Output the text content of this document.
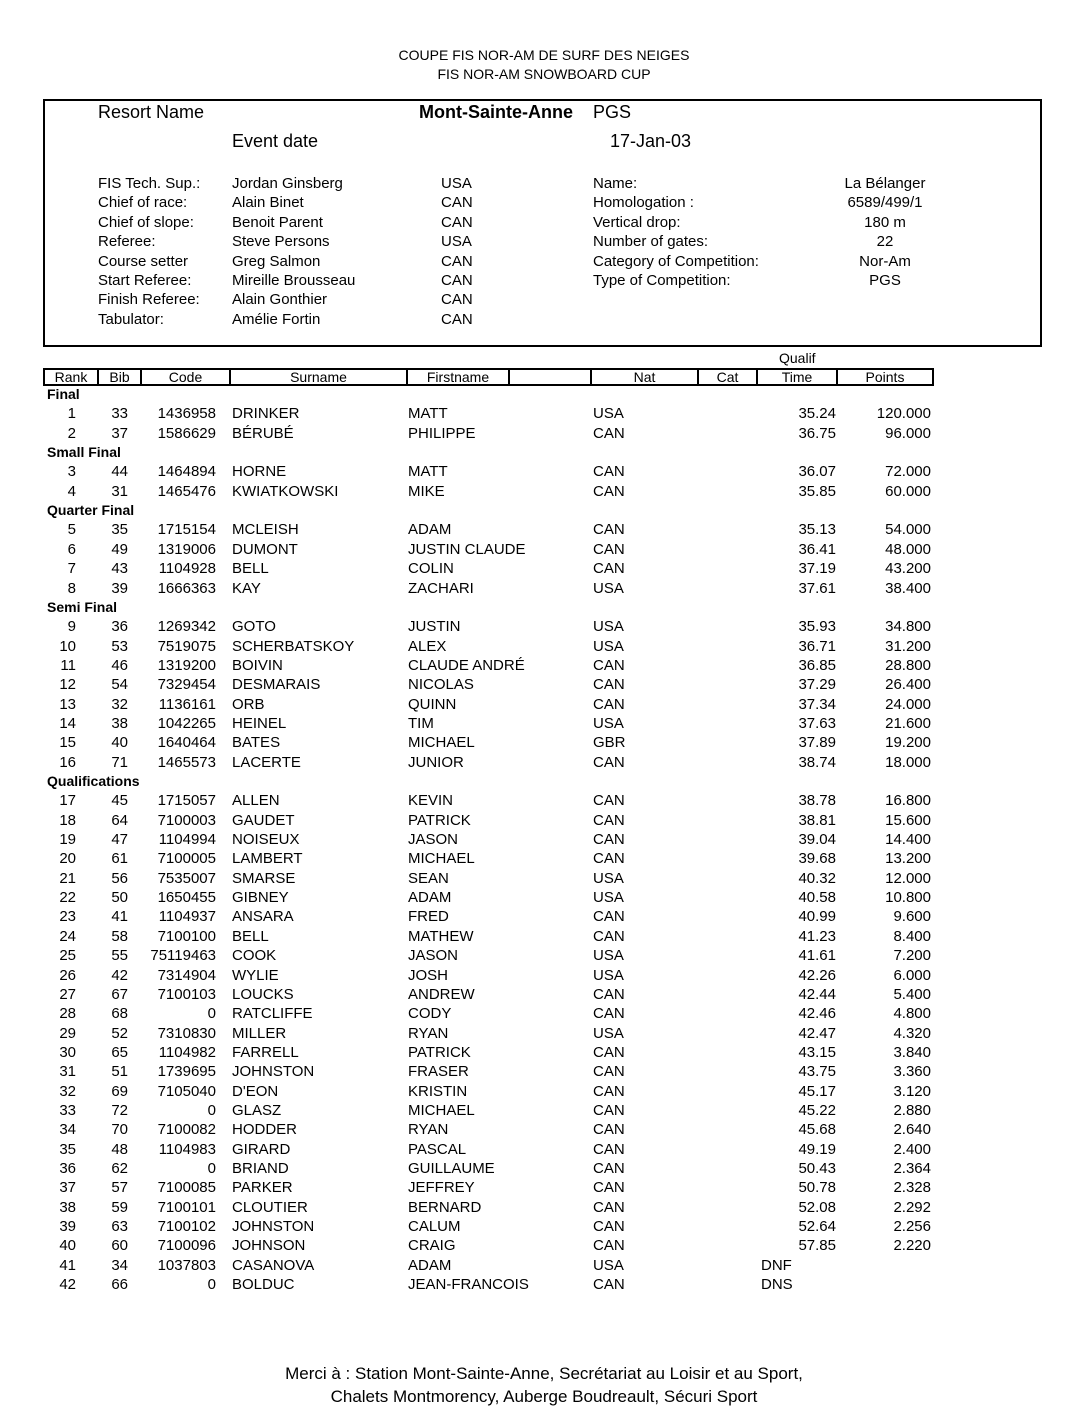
COUPE FIS NOR-AM DE SURF DES NEIGES
FIS NOR-AM SNOWBOARD CUP
Resort Name	Mont-Sainte-Anne PGS
Event date	17-Jan-03
FIS Tech. Sup.: Jordan Ginsberg	USA
Chief of race:	Alain Binet	CAN
Chief of slope:	Benoit Parent	CAN
Referee:	Steve Persons	USA
Course setter	Greg Salmon	CAN
Start Referee:	Mireille Brousseau	CAN
Finish Referee: Alain Gonthier	CAN
Tabulator:	Amélie Fortin	CAN
Name:	La Bélanger
Homologation :	6589/499/1
Vertical drop:	180 m
Number of gates:	22
Category of Competition:	Nor-Am
Type of Competition:	PGS
Qualif
Rank	Bib	Code	Surname	Firstname	Nat	Cat	Time	Points
Final
1	33	1436958 DRINKER	MATT	USA	35.24	120.000
2	37	1586629 BÉRUBÉ	PHILIPPE	CAN	36.75	96.000
Small Final
3	44	1464894 HORNE	MATT	CAN	36.07	72.000
4	31	1465476 KWIATKOWSKI	MIKE	CAN	35.85	60.000
Quarter Final
5	35	1715154 MCLEISH	ADAM	CAN	35.13	54.000
6	49	1319006 DUMONT	JUSTIN CLAUDE	CAN	36.41	48.000
7	43	1104928 BELL	COLIN	CAN	37.19	43.200
8	39	1666363 KAY	ZACHARI	USA	37.61	38.400
Semi Final
9	36	1269342 GOTO	JUSTIN	USA	35.93	34.800
10	53	7519075 SCHERBATSKOY	ALEX	USA	36.71	31.200
11	46	1319200 BOIVIN	CLAUDE ANDRÉ	CAN	36.85	28.800
12	54	7329454 DESMARAIS	NICOLAS	CAN	37.29	26.400
13	32	1136161 ORB	QUINN	CAN	37.34	24.000
14	38	1042265 HEINEL	TIM	USA	37.63	21.600
15	40	1640464 BATES	MICHAEL	GBR	37.89	19.200
16	71	1465573 LACERTE	JUNIOR	CAN	38.74	18.000
Qualifications
17	45	1715057 ALLEN	KEVIN	CAN	38.78	16.800
18	64	7100003 GAUDET	PATRICK	CAN	38.81	15.600
19	47	1104994 NOISEUX	JASON	CAN	39.04	14.400
20	61	7100005 LAMBERT	MICHAEL	CAN	39.68	13.200
21	56	7535007 SMARSE	SEAN	USA	40.32	12.000
22	50	1650455 GIBNEY	ADAM	USA	40.58	10.800
23	41	1104937 ANSARA	FRED	CAN	40.99	9.600
24	58	7100100 BELL	MATHEW	CAN	41.23	8.400
25	55	75119463 COOK	JASON	USA	41.61	7.200
26	42	7314904 WYLIE	JOSH	USA	42.26	6.000
27	67	7100103 LOUCKS	ANDREW	CAN	42.44	5.400
28	68	0 RATCLIFFE	CODY	CAN	42.46	4.800
29	52	7310830 MILLER	RYAN	USA	42.47	4.320
30	65	1104982 FARRELL	PATRICK	CAN	43.15	3.840
31	51	1739695 JOHNSTON	FRASER	CAN	43.75	3.360
32	69	7105040 D'EON	KRISTIN	CAN	45.17	3.120
33	72	0 GLASZ	MICHAEL	CAN	45.22	2.880
34	70	7100082 HODDER	RYAN	CAN	45.68	2.640
35	48	1104983 GIRARD	PASCAL	CAN	49.19	2.400
36	62	0 BRIAND	GUILLAUME	CAN	50.43	2.364
37	57	7100085 PARKER	JEFFREY	CAN	50.78	2.328
38	59	7100101 CLOUTIER	BERNARD	CAN	52.08	2.292
39	63	7100102 JOHNSTON	CALUM	CAN	52.64	2.256
40	60	7100096 JOHNSON	CRAIG	CAN	57.85	2.220
41	34	1037803 CASANOVA	ADAM	USA	DNF
42	66	0 BOLDUC	JEAN-FRANCOIS	CAN	DNS
Merci à : Station Mont-Sainte-Anne, Secrétariat au Loisir et au Sport,
Chalets Montmorency, Auberge Boudreault, Sécuri Sport
